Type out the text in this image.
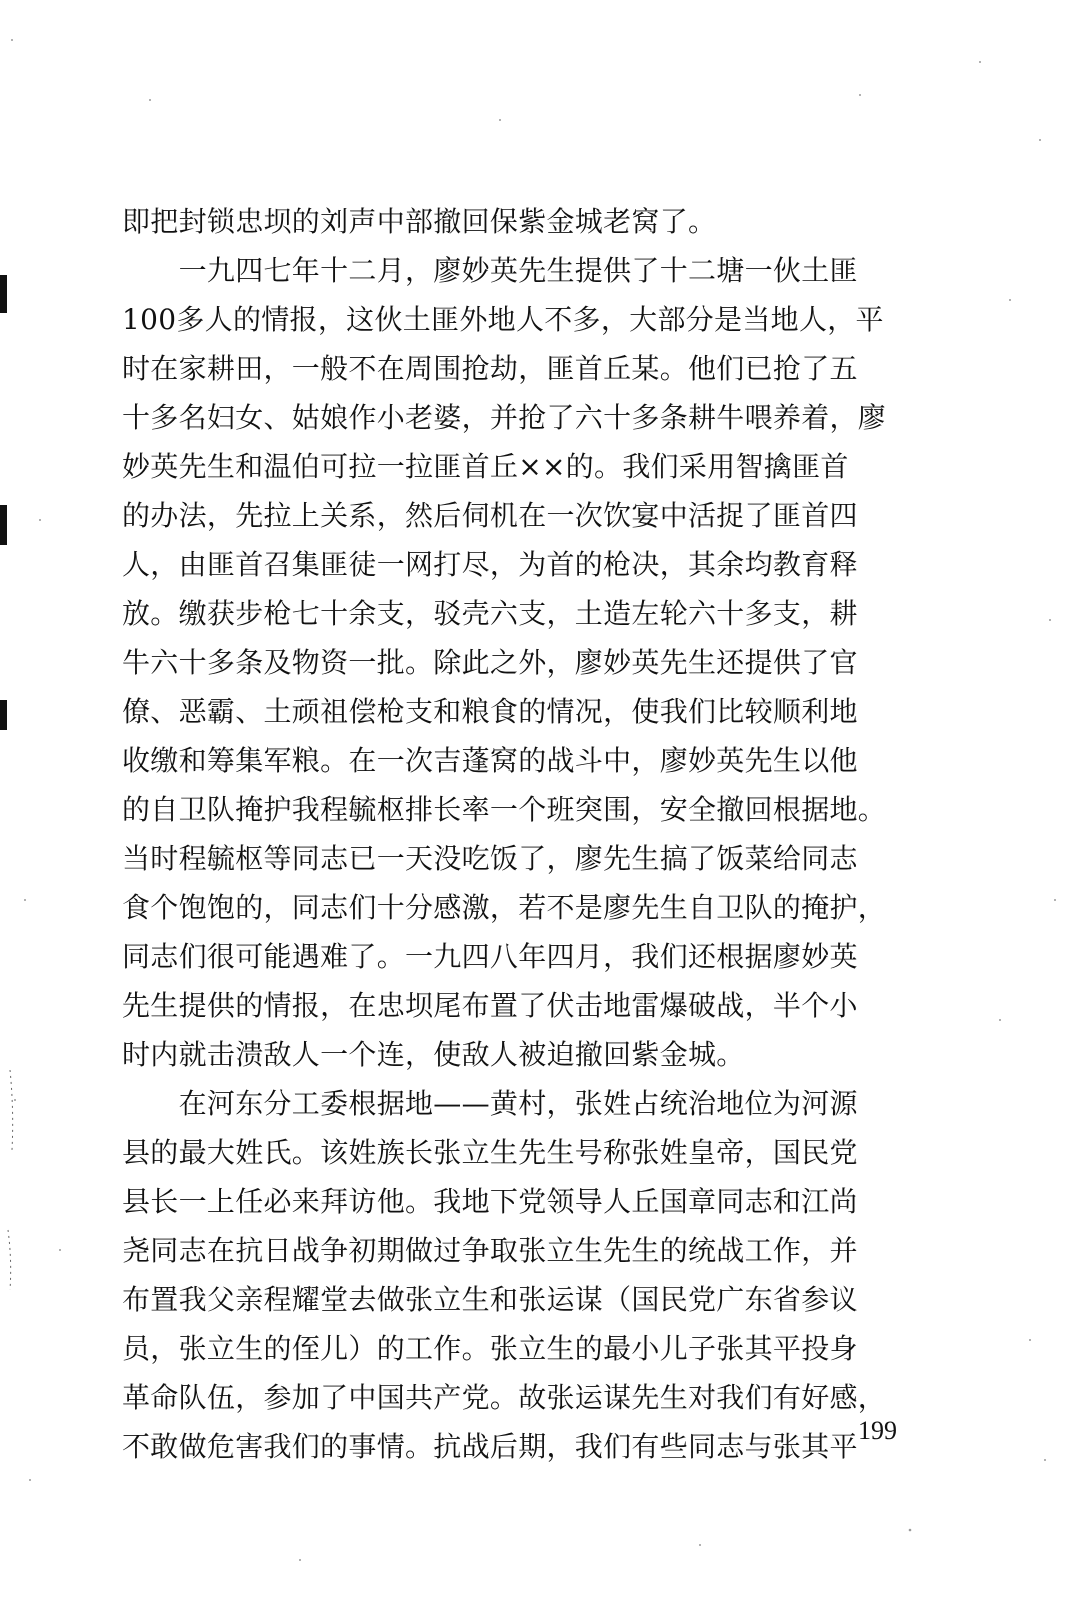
即把封锁忠坝的刘声中部撤回保紫金城老窝了。
　　一九四七年十二月，廖妙英先生提供了十二塘一伙土匪
100多人的情报，这伙土匪外地人不多，大部分是当地人，平
时在家耕田，一般不在周围抢劫，匪首丘某。他们已抢了五
十多名妇女、姑娘作小老婆，并抢了六十多条耕牛喂养着，廖
妙英先生和温伯可拉一拉匪首丘××的。我们采用智擒匪首
的办法，先拉上关系，然后伺机在一次饮宴中活捉了匪首四
人，由匪首召集匪徒一网打尽，为首的枪决，其余均教育释
放。缴获步枪七十余支，驳壳六支，土造左轮六十多支，耕
牛六十多条及物资一批。除此之外，廖妙英先生还提供了官
僚、恶霸、土顽祖偿枪支和粮食的情况，使我们比较顺利地
收缴和筹集军粮。在一次吉蓬窝的战斗中，廖妙英先生以他
的自卫队掩护我程毓枢排长率一个班突围，安全撤回根据地。
当时程毓枢等同志已一天没吃饭了，廖先生搞了饭菜给同志
食个饱饱的，同志们十分感激，若不是廖先生自卫队的掩护，
同志们很可能遇难了。一九四八年四月，我们还根据廖妙英
先生提供的情报，在忠坝尾布置了伏击地雷爆破战，半个小
时内就击溃敌人一个连，使敌人被迫撤回紫金城。
　　在河东分工委根据地——黄村，张姓占统治地位为河源
县的最大姓氏。该姓族长张立生先生号称张姓皇帝，国民党
县长一上任必来拜访他。我地下党领导人丘国章同志和江尚
尧同志在抗日战争初期做过争取张立生先生的统战工作，并
布置我父亲程耀堂去做张立生和张运谋（国民党广东省参议
员，张立生的侄儿）的工作。张立生的最小儿子张其平投身
革命队伍，参加了中国共产党。故张运谋先生对我们有好感，
不敢做危害我们的事情。抗战后期，我们有些同志与张其平 199
